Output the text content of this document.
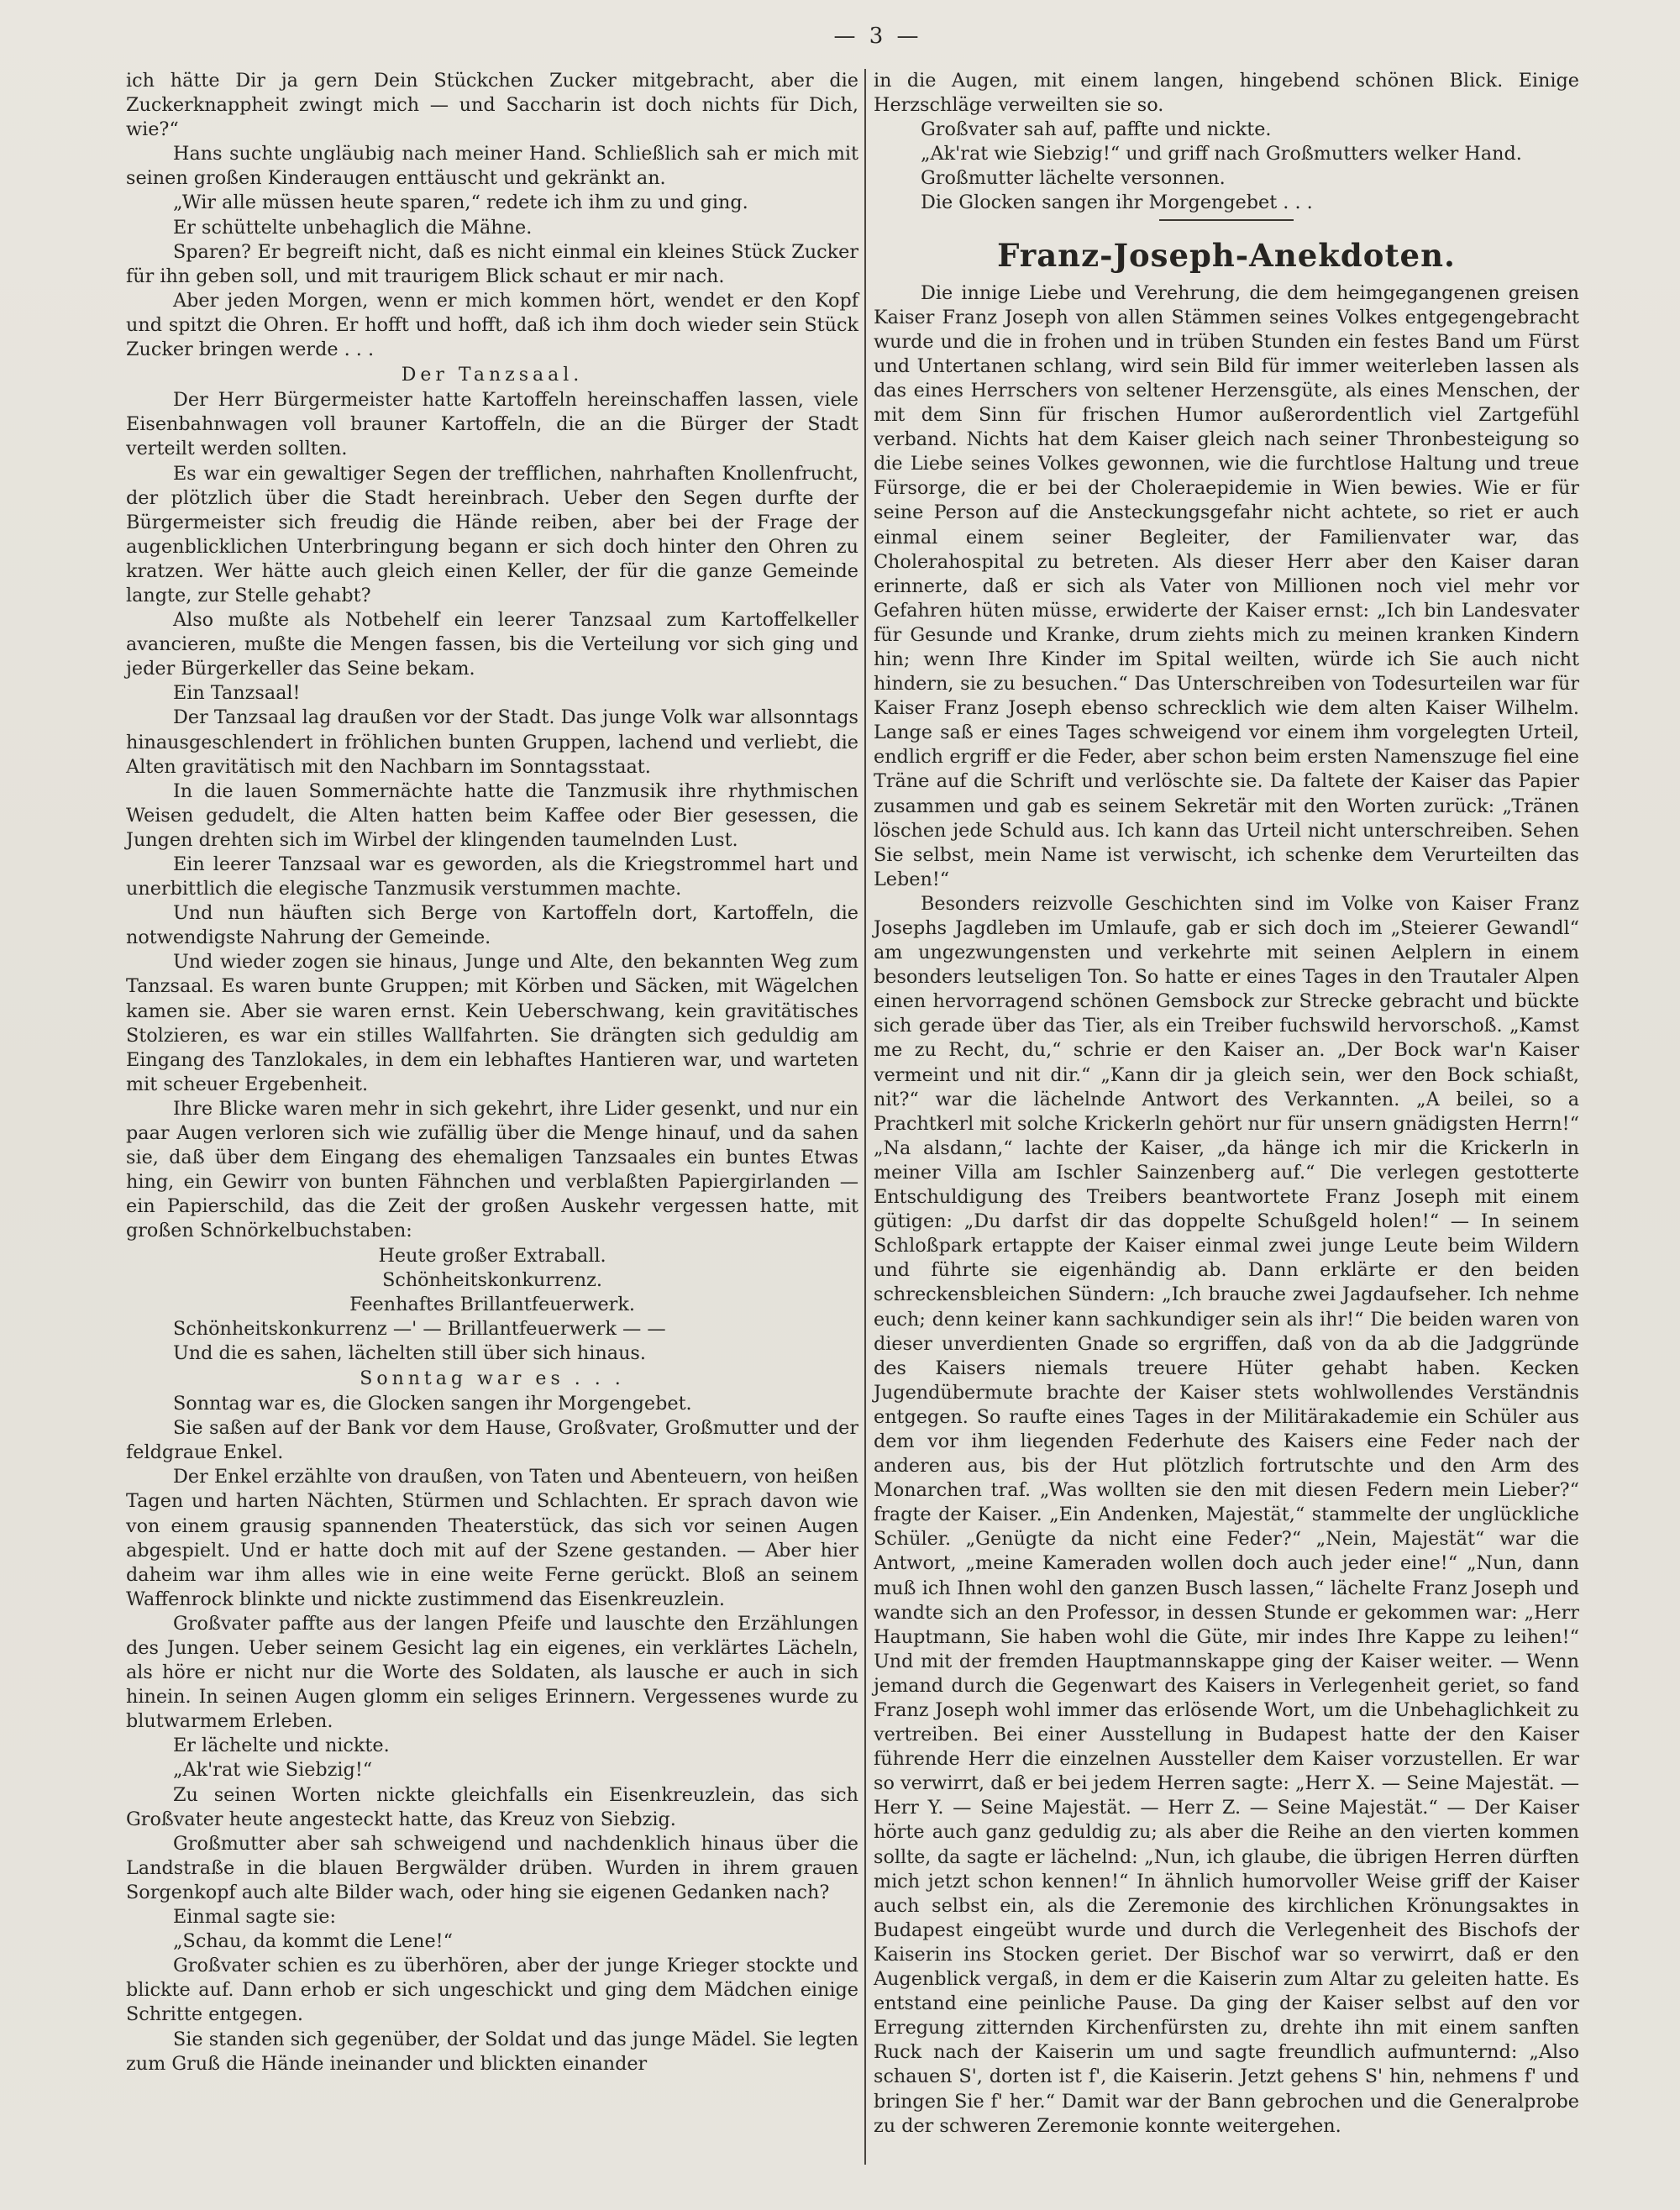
— 3 —

ich hätte Dir ja gern Dein Stückchen Zucker mitgebracht, aber die Zuckerknappheit zwingt mich — und Saccharin ist doch nichts für Dich, wie?“

Hans suchte ungläubig nach meiner Hand. Schließlich sah er mich mit seinen großen Kinderaugen enttäuscht und gekränkt an.

„Wir alle müssen heute sparen,“ redete ich ihm zu und ging.

Er schüttelte unbehaglich die Mähne.

Sparen? Er begreift nicht, daß es nicht einmal ein kleines Stück Zucker für ihn geben soll, und mit traurigem Blick schaut er mir nach.

Aber jeden Morgen, wenn er mich kommen hört, wendet er den Kopf und spitzt die Ohren. Er hofft und hofft, daß ich ihm doch wieder sein Stück Zucker bringen werde . . .

Der Tanzsaal.

Der Herr Bürgermeister hatte Kartoffeln hereinschaffen lassen, viele Eisenbahnwagen voll brauner Kartoffeln, die an die Bürger der Stadt verteilt werden sollten.

Es war ein gewaltiger Segen der trefflichen, nahrhaften Knollenfrucht, der plötzlich über die Stadt hereinbrach. Ueber den Segen durfte der Bürgermeister sich freudig die Hände reiben, aber bei der Frage der augenblicklichen Unterbringung begann er sich doch hinter den Ohren zu kratzen. Wer hätte auch gleich einen Keller, der für die ganze Gemeinde langte, zur Stelle gehabt?

Also mußte als Notbehelf ein leerer Tanzsaal zum Kartoffelkeller avancieren, mußte die Mengen fassen, bis die Verteilung vor sich ging und jeder Bürgerkeller das Seine bekam.

Ein Tanzsaal!

Der Tanzsaal lag draußen vor der Stadt. Das junge Volk war allsonntags hinausgeschlendert in fröhlichen bunten Gruppen, lachend und verliebt, die Alten gravitätisch mit den Nachbarn im Sonntagsstaat.

In die lauen Sommernächte hatte die Tanzmusik ihre rhythmischen Weisen gedudelt, die Alten hatten beim Kaffee oder Bier gesessen, die Jungen drehten sich im Wirbel der klingenden taumelnden Lust.

Ein leerer Tanzsaal war es geworden, als die Kriegstrommel hart und unerbittlich die elegische Tanzmusik verstummen machte.

Und nun häuften sich Berge von Kartoffeln dort, Kartoffeln, die notwendigste Nahrung der Gemeinde.

Und wieder zogen sie hinaus, Junge und Alte, den bekannten Weg zum Tanzsaal. Es waren bunte Gruppen; mit Körben und Säcken, mit Wägelchen kamen sie. Aber sie waren ernst. Kein Ueberschwang, kein gravitätisches Stolzieren, es war ein stilles Wallfahrten. Sie drängten sich geduldig am Eingang des Tanzlokales, in dem ein lebhaftes Hantieren war, und warteten mit scheuer Ergebenheit.

Ihre Blicke waren mehr in sich gekehrt, ihre Lider gesenkt, und nur ein paar Augen verloren sich wie zufällig über die Menge hinauf, und da sahen sie, daß über dem Eingang des ehemaligen Tanzsaales ein buntes Etwas hing, ein Gewirr von bunten Fähnchen und verblaßten Papiergirlanden — ein Papierschild, das die Zeit der großen Auskehr vergessen hatte, mit großen Schnörkelbuchstaben:

Heute großer Extraball.
Schönheitskonkurrenz.
Feenhaftes Brillantfeuerwerk.

Schönheitskonkurrenz —' — Brillantfeuerwerk — —

Und die es sahen, lächelten still über sich hinaus.

Sonntag war es . . .

Sonntag war es, die Glocken sangen ihr Morgengebet.

Sie saßen auf der Bank vor dem Hause, Großvater, Großmutter und der feldgraue Enkel.

Der Enkel erzählte von draußen, von Taten und Abenteuern, von heißen Tagen und harten Nächten, Stürmen und Schlachten. Er sprach davon wie von einem grausig spannenden Theaterstück, das sich vor seinen Augen abgespielt. Und er hatte doch mit auf der Szene gestanden. — Aber hier daheim war ihm alles wie in eine weite Ferne gerückt. Bloß an seinem Waffenrock blinkte und nickte zustimmend das Eisenkreuzlein.

Großvater paffte aus der langen Pfeife und lauschte den Erzählungen des Jungen. Ueber seinem Gesicht lag ein eigenes, ein verklärtes Lächeln, als höre er nicht nur die Worte des Soldaten, als lausche er auch in sich hinein. In seinen Augen glomm ein seliges Erinnern. Vergessenes wurde zu blutwarmem Erleben.

Er lächelte und nickte.

„Ak'rat wie Siebzig!“

Zu seinen Worten nickte gleichfalls ein Eisenkreuzlein, das sich Großvater heute angesteckt hatte, das Kreuz von Siebzig.

Großmutter aber sah schweigend und nachdenklich hinaus über die Landstraße in die blauen Bergwälder drüben. Wurden in ihrem grauen Sorgenkopf auch alte Bilder wach, oder hing sie eigenen Gedanken nach?

Einmal sagte sie:

„Schau, da kommt die Lene!“

Großvater schien es zu überhören, aber der junge Krieger stockte und blickte auf. Dann erhob er sich ungeschickt und ging dem Mädchen einige Schritte entgegen.

Sie standen sich gegenüber, der Soldat und das junge Mädel. Sie legten zum Gruß die Hände ineinander und blickten einander

in die Augen, mit einem langen, hingebend schönen Blick. Einige Herzschläge verweilten sie so.

Großvater sah auf, paffte und nickte.

„Ak'rat wie Siebzig!“ und griff nach Großmutters welker Hand.

Großmutter lächelte versonnen.

Die Glocken sangen ihr Morgengebet . . .

Franz-Joseph-Anekdoten.

Die innige Liebe und Verehrung, die dem heimgegangenen greisen Kaiser Franz Joseph von allen Stämmen seines Volkes entgegengebracht wurde und die in frohen und in trüben Stunden ein festes Band um Fürst und Untertanen schlang, wird sein Bild für immer weiterleben lassen als das eines Herrschers von seltener Herzensgüte, als eines Menschen, der mit dem Sinn für frischen Humor außerordentlich viel Zartgefühl verband. Nichts hat dem Kaiser gleich nach seiner Thronbesteigung so die Liebe seines Volkes gewonnen, wie die furchtlose Haltung und treue Fürsorge, die er bei der Choleraepidemie in Wien bewies. Wie er für seine Person auf die Ansteckungsgefahr nicht achtete, so riet er auch einmal einem seiner Begleiter, der Familienvater war, das Cholerahospital zu betreten. Als dieser Herr aber den Kaiser daran erinnerte, daß er sich als Vater von Millionen noch viel mehr vor Gefahren hüten müsse, erwiderte der Kaiser ernst: „Ich bin Landesvater für Gesunde und Kranke, drum ziehts mich zu meinen kranken Kindern hin; wenn Ihre Kinder im Spital weilten, würde ich Sie auch nicht hindern, sie zu besuchen.“ Das Unterschreiben von Todesurteilen war für Kaiser Franz Joseph ebenso schrecklich wie dem alten Kaiser Wilhelm. Lange saß er eines Tages schweigend vor einem ihm vorgelegten Urteil, endlich ergriff er die Feder, aber schon beim ersten Namenszuge fiel eine Träne auf die Schrift und verlöschte sie. Da faltete der Kaiser das Papier zusammen und gab es seinem Sekretär mit den Worten zurück: „Tränen löschen jede Schuld aus. Ich kann das Urteil nicht unterschreiben. Sehen Sie selbst, mein Name ist verwischt, ich schenke dem Verurteilten das Leben!“

Besonders reizvolle Geschichten sind im Volke von Kaiser Franz Josephs Jagdleben im Umlaufe, gab er sich doch im „Steierer Gewandl“ am ungezwungensten und verkehrte mit seinen Aelplern in einem besonders leutseligen Ton. So hatte er eines Tages in den Trautaler Alpen einen hervorragend schönen Gemsbock zur Strecke gebracht und bückte sich gerade über das Tier, als ein Treiber fuchswild hervorschoß. „Kamst me zu Recht, du,“ schrie er den Kaiser an. „Der Bock war'n Kaiser vermeint und nit dir.“ „Kann dir ja gleich sein, wer den Bock schiaßt, nit?“ war die lächelnde Antwort des Verkannten. „A beilei, so a Prachtkerl mit solche Krickerln gehört nur für unsern gnädigsten Herrn!“ „Na alsdann,“ lachte der Kaiser, „da hänge ich mir die Krickerln in meiner Villa am Ischler Sainzenberg auf.“ Die verlegen gestotterte Entschuldigung des Treibers beantwortete Franz Joseph mit einem gütigen: „Du darfst dir das doppelte Schußgeld holen!“ — In seinem Schloßpark ertappte der Kaiser einmal zwei junge Leute beim Wildern und führte sie eigenhändig ab. Dann erklärte er den beiden schreckensbleichen Sündern: „Ich brauche zwei Jagdaufseher. Ich nehme euch; denn keiner kann sachkundiger sein als ihr!“ Die beiden waren von dieser unverdienten Gnade so ergriffen, daß von da ab die Jadggründe des Kaisers niemals treuere Hüter gehabt haben. Kecken Jugendübermute brachte der Kaiser stets wohlwollendes Verständnis entgegen. So raufte eines Tages in der Militärakademie ein Schüler aus dem vor ihm liegenden Federhute des Kaisers eine Feder nach der anderen aus, bis der Hut plötzlich fortrutschte und den Arm des Monarchen traf. „Was wollten sie den mit diesen Federn mein Lieber?“ fragte der Kaiser. „Ein Andenken, Majestät,“ stammelte der unglückliche Schüler. „Genügte da nicht eine Feder?“ „Nein, Majestät“ war die Antwort, „meine Kameraden wollen doch auch jeder eine!“ „Nun, dann muß ich Ihnen wohl den ganzen Busch lassen,“ lächelte Franz Joseph und wandte sich an den Professor, in dessen Stunde er gekommen war: „Herr Hauptmann, Sie haben wohl die Güte, mir indes Ihre Kappe zu leihen!“ Und mit der fremden Hauptmannskappe ging der Kaiser weiter. — Wenn jemand durch die Gegenwart des Kaisers in Verlegenheit geriet, so fand Franz Joseph wohl immer das erlösende Wort, um die Unbehaglichkeit zu vertreiben. Bei einer Ausstellung in Budapest hatte der den Kaiser führende Herr die einzelnen Aussteller dem Kaiser vorzustellen. Er war so verwirrt, daß er bei jedem Herren sagte: „Herr X. — Seine Majestät. — Herr Y. — Seine Majestät. — Herr Z. — Seine Majestät.“ — Der Kaiser hörte auch ganz geduldig zu; als aber die Reihe an den vierten kommen sollte, da sagte er lächelnd: „Nun, ich glaube, die übrigen Herren dürften mich jetzt schon kennen!“ In ähnlich humorvoller Weise griff der Kaiser auch selbst ein, als die Zeremonie des kirchlichen Krönungsaktes in Budapest eingeübt wurde und durch die Verlegenheit des Bischofs der Kaiserin ins Stocken geriet. Der Bischof war so verwirrt, daß er den Augenblick vergaß, in dem er die Kaiserin zum Altar zu geleiten hatte. Es entstand eine peinliche Pause. Da ging der Kaiser selbst auf den vor Erregung zitternden Kirchenfürsten zu, drehte ihn mit einem sanften Ruck nach der Kaiserin um und sagte freundlich aufmunternd: „Also schauen S', dorten ist f', die Kaiserin. Jetzt gehens S' hin, nehmens f' und bringen Sie f' her.“ Damit war der Bann gebrochen und die Generalprobe zu der schweren Zeremonie konnte weitergehen.
